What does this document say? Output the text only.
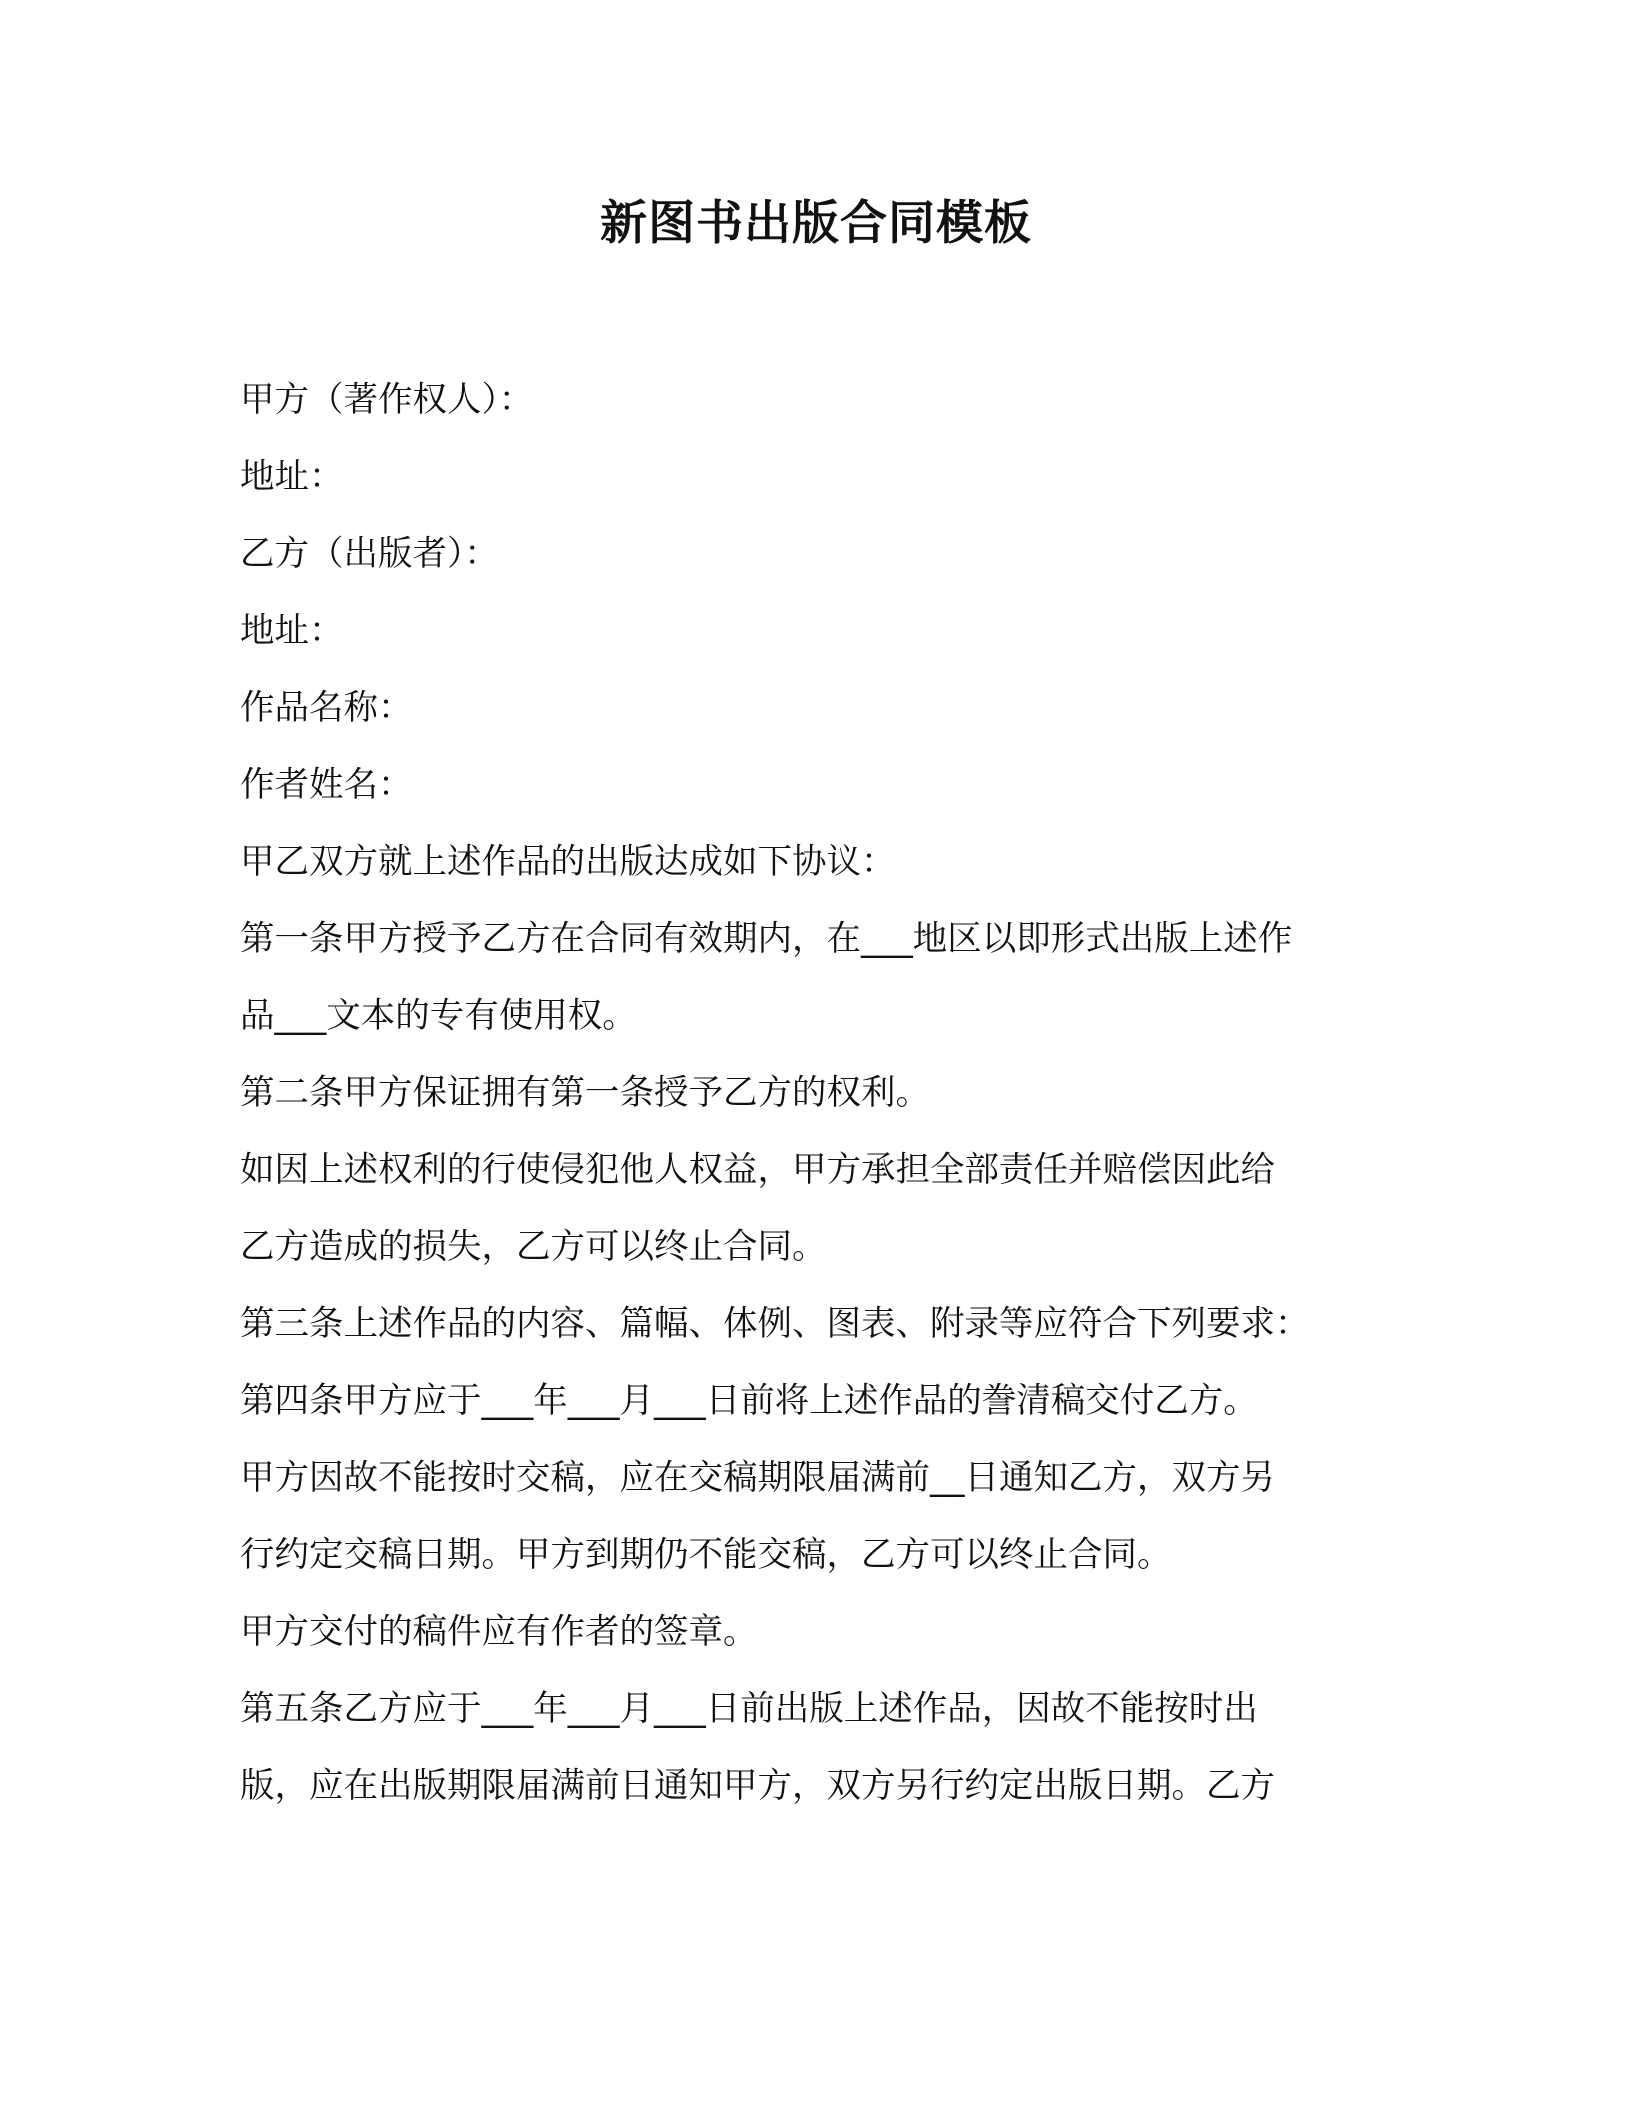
新图书出版合同模板

甲方（著作权人）：

地址：

乙方（出版者）：

地址：

作品名称：

作者姓名：

甲乙双方就上述作品的出版达成如下协议：

第一条甲方授予乙方在合同有效期内，在___地区以即形式出版上述作

品___文本的专有使用权。

第二条甲方保证拥有第一条授予乙方的权利。

如因上述权利的行使侵犯他人权益，甲方承担全部责任并赔偿因此给

乙方造成的损失，乙方可以终止合同。

第三条上述作品的内容、篇幅、体例、图表、附录等应符合下列要求：

第四条甲方应于___年___月___日前将上述作品的誊清稿交付乙方。

甲方因故不能按时交稿，应在交稿期限届满前__日通知乙方，双方另

行约定交稿日期。甲方到期仍不能交稿，乙方可以终止合同。

甲方交付的稿件应有作者的签章。

第五条乙方应于___年___月___日前出版上述作品，因故不能按时出

版，应在出版期限届满前日通知甲方，双方另行约定出版日期。乙方
